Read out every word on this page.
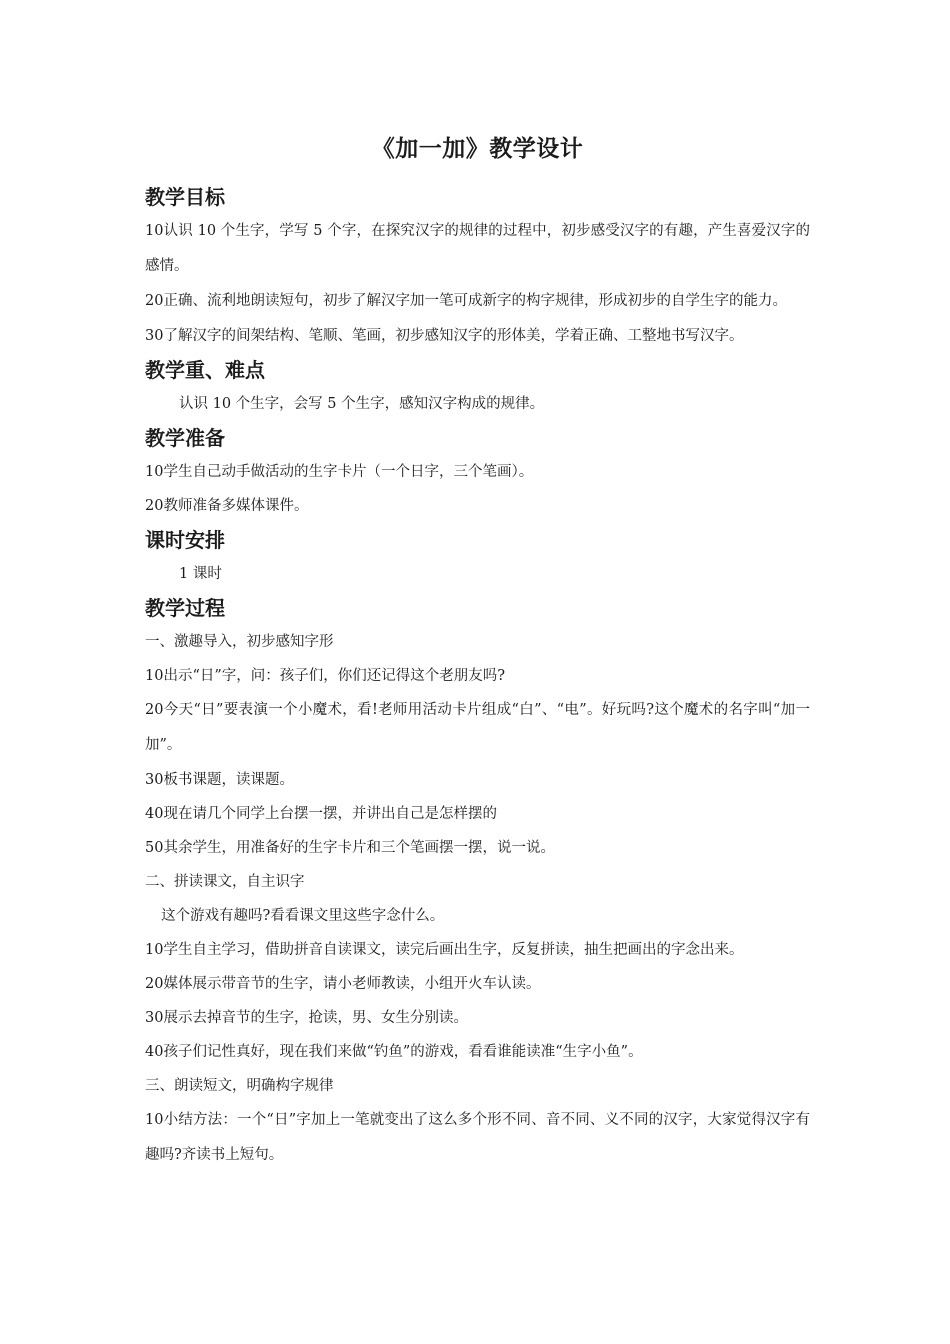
《加一加》教学设计
教学目标

10认识 10 个生字，学写 5 个字，在探究汉字的规律的过程中，初步感受汉字的有趣，产生喜爱汉字的感情。

20正确、流利地朗读短句，初步了解汉字加一笔可成新字的构字规律，形成初步的自学生字的能力。

30了解汉字的间架结构、笔顺、笔画，初步感知汉字的形体美，学着正确、工整地书写汉字。

教学重、难点

认识 10 个生字，会写 5 个生字，感知汉字构成的规律。

教学准备

10学生自己动手做活动的生字卡片（一个日字，三个笔画）。

20教师准备多媒体课件。

课时安排

1 课时

教学过程

一、激趣导入，初步感知字形

10出示“日”字，问：孩子们，你们还记得这个老朋友吗?

20今天“日”要表演一个小魔术，看!老师用活动卡片组成“白”、“电”。好玩吗?这个魔术的名字叫“加一加”。

30板书课题，读课题。

40现在请几个同学上台摆一摆，并讲出自己是怎样摆的

50其余学生，用准备好的生字卡片和三个笔画摆一摆，说一说。

二、拼读课文，自主识字

这个游戏有趣吗?看看课文里这些字念什么。

10学生自主学习，借助拼音自读课文，读完后画出生字，反复拼读，抽生把画出的字念出来。

20媒体展示带音节的生字，请小老师教读，小组开火车认读。

30展示去掉音节的生字，抢读，男、女生分别读。

40孩子们记性真好，现在我们来做“钓鱼”的游戏，看看谁能读准“生字小鱼”。

三、朗读短文，明确构字规律

10小结方法：一个“日”字加上一笔就变出了这么多个形不同、音不同、义不同的汉字，大家觉得汉字有趣吗?齐读书上短句。
